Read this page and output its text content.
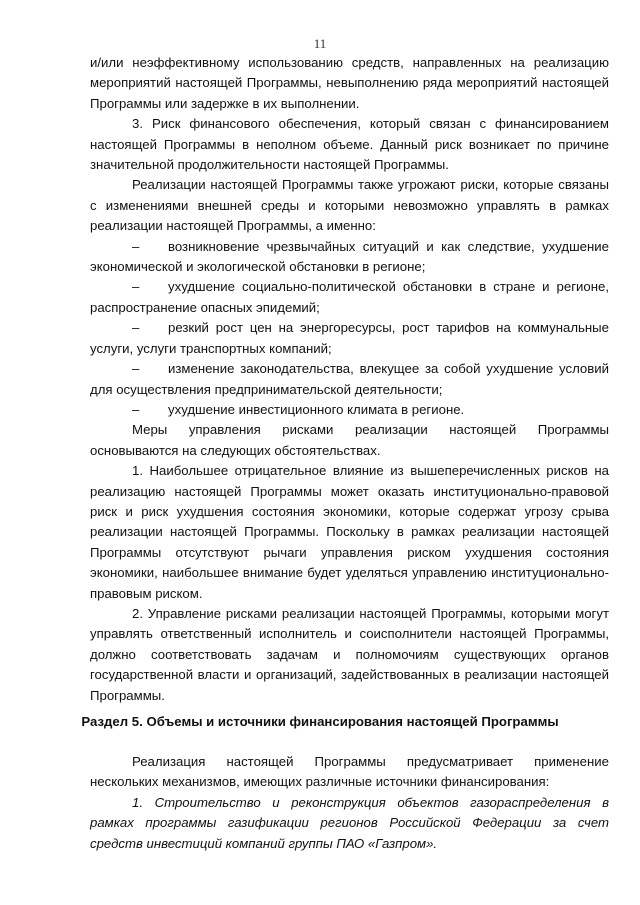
11

и/или неэффективному использованию средств, направленных на реализацию мероприятий настоящей Программы, невыполнению ряда мероприятий настоящей Программы или задержке в их выполнении.

3. Риск финансового обеспечения, который связан с финансированием настоящей Программы в неполном объеме. Данный риск возникает по причине значительной продолжительности настоящей Программы.

Реализации настоящей Программы также угрожают риски, которые связаны с изменениями внешней среды и которыми невозможно управлять в рамках реализации настоящей Программы, а именно:

– возникновение чрезвычайных ситуаций и как следствие, ухудшение экономической и экологической обстановки в регионе;

– ухудшение социально-политической обстановки в стране и регионе, распространение опасных эпидемий;

– резкий рост цен на энергоресурсы, рост тарифов на коммунальные услуги, услуги транспортных компаний;

– изменение законодательства, влекущее за собой ухудшение условий для осуществления предпринимательской деятельности;

– ухудшение инвестиционного климата в регионе.

Меры управления рисками реализации настоящей Программы основываются на следующих обстоятельствах.

1. Наибольшее отрицательное влияние из вышеперечисленных рисков на реализацию настоящей Программы может оказать институционально-правовой риск и риск ухудшения состояния экономики, которые содержат угрозу срыва реализации настоящей Программы. Поскольку в рамках реализации настоящей Программы отсутствуют рычаги управления риском ухудшения состояния экономики, наибольшее внимание будет уделяться управлению институционально-правовым риском.

2. Управление рисками реализации настоящей Программы, которыми могут управлять ответственный исполнитель и соисполнители настоящей Программы, должно соответствовать задачам и полномочиям существующих органов государственной власти и организаций, задействованных в реализации настоящей Программы.

Раздел 5. Объемы и источники финансирования настоящей Программы

Реализация настоящей Программы предусматривает применение нескольких механизмов, имеющих различные источники финансирования:

1. Строительство и реконструкция объектов газораспределения в рамках программы газификации регионов Российской Федерации за счет средств инвестиций компаний группы ПАО «Газпром».
